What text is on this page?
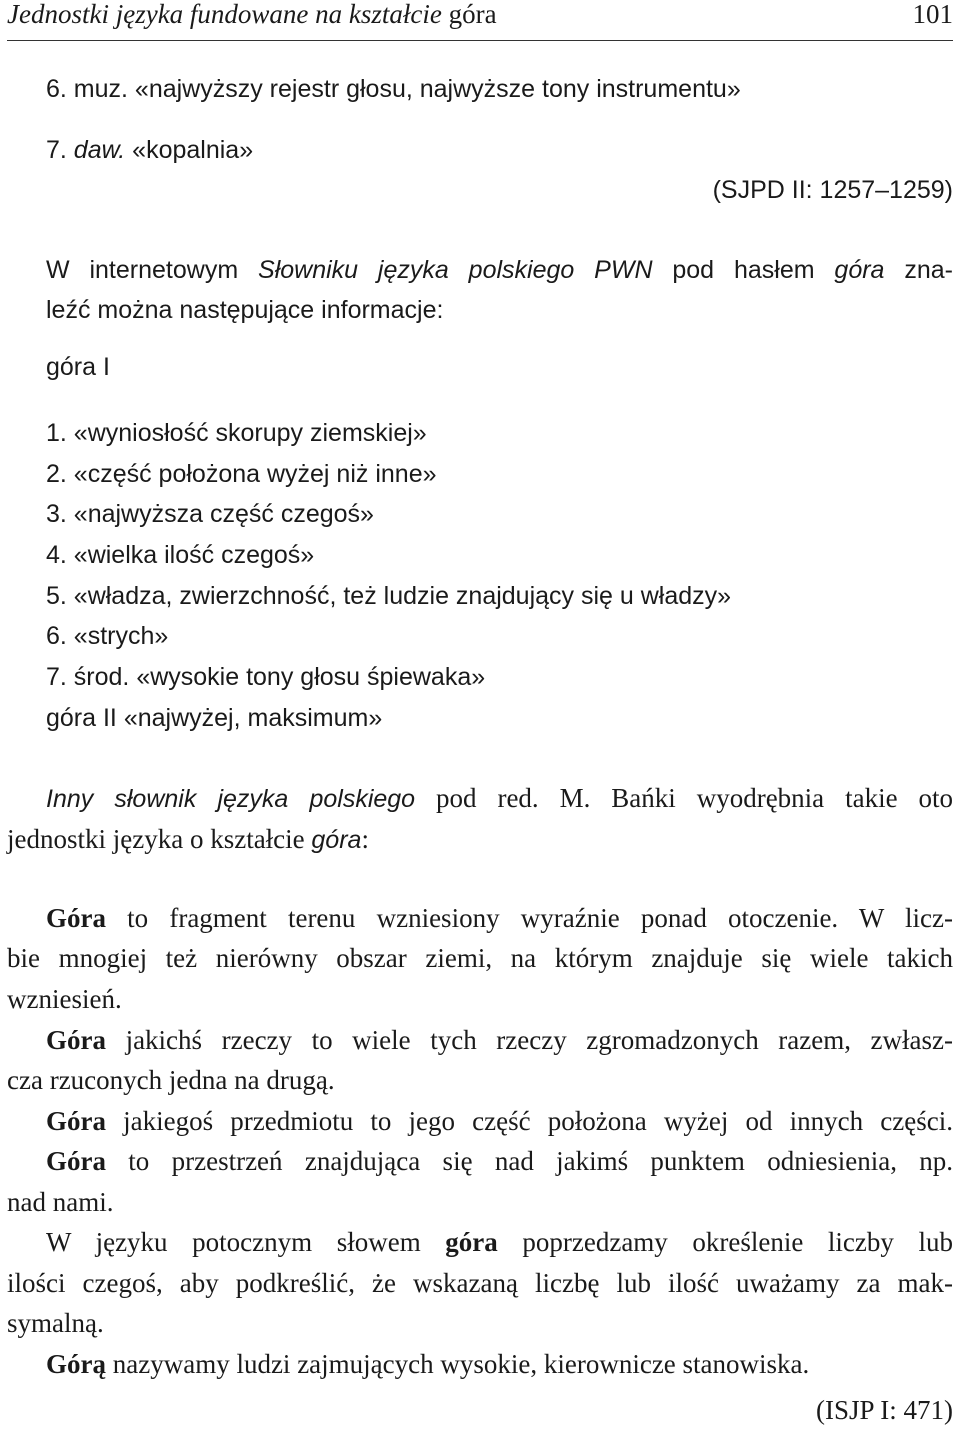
Jednostki języka fundowane na kształcie góra	101
6. muz. «najwyższy rejestr głosu, najwyższe tony instrumentu»
7. daw. «kopalnia»
(SJPD II: 1257–1259)
W internetowym Słowniku języka polskiego PWN pod hasłem góra zna-
leźć można następujące informacje:
góra I
1. «wyniosłość skorupy ziemskiej»
2. «część położona wyżej niż inne»
3. «najwyższa część czegoś»
4. «wielka ilość czegoś»
5. «władza, zwierzchność, też ludzie znajdujący się u władzy»
6. «strych»
7. środ. «wysokie tony głosu śpiewaka»
góra II «najwyżej, maksimum»
Inny słownik języka polskiego pod red. M. Bańki wyodrębnia takie oto
jednostki języka o kształcie góra:
Góra to fragment terenu wzniesiony wyraźnie ponad otoczenie. W licz-
bie mnogiej też nierówny obszar ziemi, na którym znajduje się wiele takich
wzniesień.
Góra jakichś rzeczy to wiele tych rzeczy zgromadzonych razem, zwłasz-
cza rzuconych jedna na drugą.
Góra jakiegoś przedmiotu to jego część położona wyżej od innych części.
Góra to przestrzeń znajdująca się nad jakimś punktem odniesienia, np.
nad nami.
W języku potocznym słowem góra poprzedzamy określenie liczby lub
ilości czegoś, aby podkreślić, że wskazaną liczbę lub ilość uważamy za mak-
symalną.
Górą nazywamy ludzi zajmujących wysokie, kierownicze stanowiska.
(ISJP I: 471)
